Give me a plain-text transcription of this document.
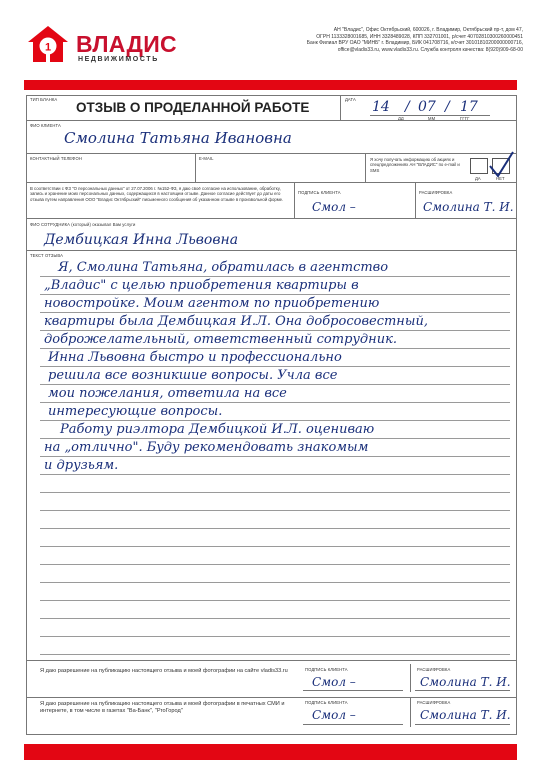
1 ВЛАДИС
НЕДВИЖИМОСТЬ
АН "Владис", Офис Октябрьский, 600026, г. Владимир, Октябрьский пр-т, дом 47,
ОГРН 1133328001685, ИНН 3328489028, КПП 332701001, р/счет 40702810300260000451
Банк Филиал ВРУ ОАО "МИНБ" г. Владимир, БИК 041708716, к/счет 30101810200000000716,
office@vladis33.ru, www.vladis33.ru. Служба контроля качества: 8(920)909-68-00
ТИП БЛАНКА
ОТЗЫВ О ПРОДЕЛАННОЙ РАБОТЕ
ДАТА 14 / 07 / 17
ДД	ММ	ГГГГ
ФИО КЛИЕНТА
Смолина Татьяна Ивановна
КОНТАКТНЫЙ ТЕЛЕФОН	E-MAIL	Я хочу получать информацию об акциях и спецпредложениях АН "ВЛАДИС" по e-mail и SMS
ДА	НЕТ
В соответствии с ФЗ "О персональных данных" от 27.07.2006 г. №152-ФЗ, я даю своё согласие на использование, обработку, запись и хранение моих персональных данных, содержащихся в настоящем отзыве. Данное согласие действует до даты его отзыва путем направления ООО "Владис Октябрьский" письменного сообщения об указанном отзыве в произвольной форме.
ПОДПИСЬ КЛИЕНТА
Смол –
РАСШИФРОВКА
Смолина Т. И.
ФИО СОТРУДНИКА (который) оказывал Вам услуги
Дембицкая Инна Львовна
ТЕКСТ ОТЗЫВА
Я, Смолина Татьяна, обратилась в агентство
„Владис" с целью приобретения квартиры в
новостройке. Моим агентом по приобретению
квартиры была Дембицкая И.Л. Она добросовестный,
доброжелательный, ответственный сотрудник.
Инна Львовна быстро и профессионально
решила все возникшие вопросы. Учла все
мои пожелания, ответила на все
интересующие вопросы.
Работу риэлтора Дембицкой И.Л. оцениваю
на „отлично". Буду рекомендовать знакомым
и друзьям.
Я даю разрешение на публикацию настоящего отзыва и моей фотографии на сайте vladis33.ru	ПОДПИСЬ КЛИЕНТА
Смол –
РАСШИФРОВКА
Смолина Т. И.
Я даю разрешение на публикацию настоящего отзыва и моей фотографии в печатных СМИ и интернете, в том числе в газетах "Ва-Банк", "ProГород"
ПОДПИСЬ КЛИЕНТА
Смол –
РАСШИФРОВКА
Смолина Т. И.
